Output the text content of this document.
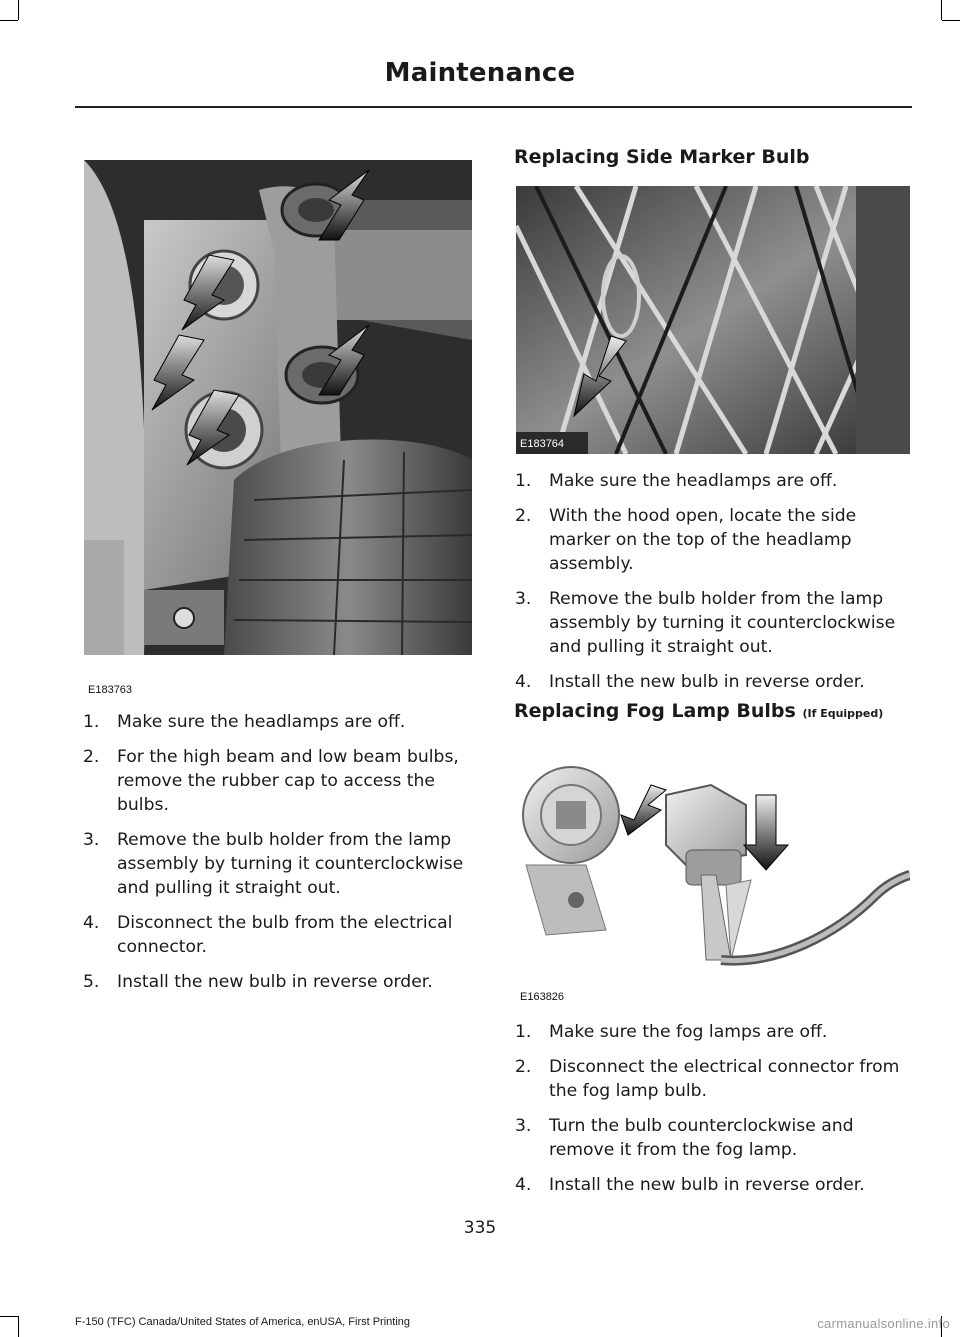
Maintenance
E183763
1. Make sure the headlamps are off.
2. For the high beam and low beam bulbs, remove the rubber cap to access the bulbs.
3. Remove the bulb holder from the lamp assembly by turning it counterclockwise and pulling it straight out.
4. Disconnect the bulb from the electrical connector.
5. Install the new bulb in reverse order.
Replacing Side Marker Bulb
E183764
1. Make sure the headlamps are off.
2. With the hood open, locate the side marker on the top of the headlamp assembly.
3. Remove the bulb holder from the lamp assembly by turning it counterclockwise and pulling it straight out.
4. Install the new bulb in reverse order.
Replacing Fog Lamp Bulbs (If Equipped)
E163826
1. Make sure the fog lamps are off.
2. Disconnect the electrical connector from the fog lamp bulb.
3. Turn the bulb counterclockwise and remove it from the fog lamp.
4. Install the new bulb in reverse order.
335
F-150 (TFC) Canada/United States of America, enUSA, First Printing	carmanualsonline.info
